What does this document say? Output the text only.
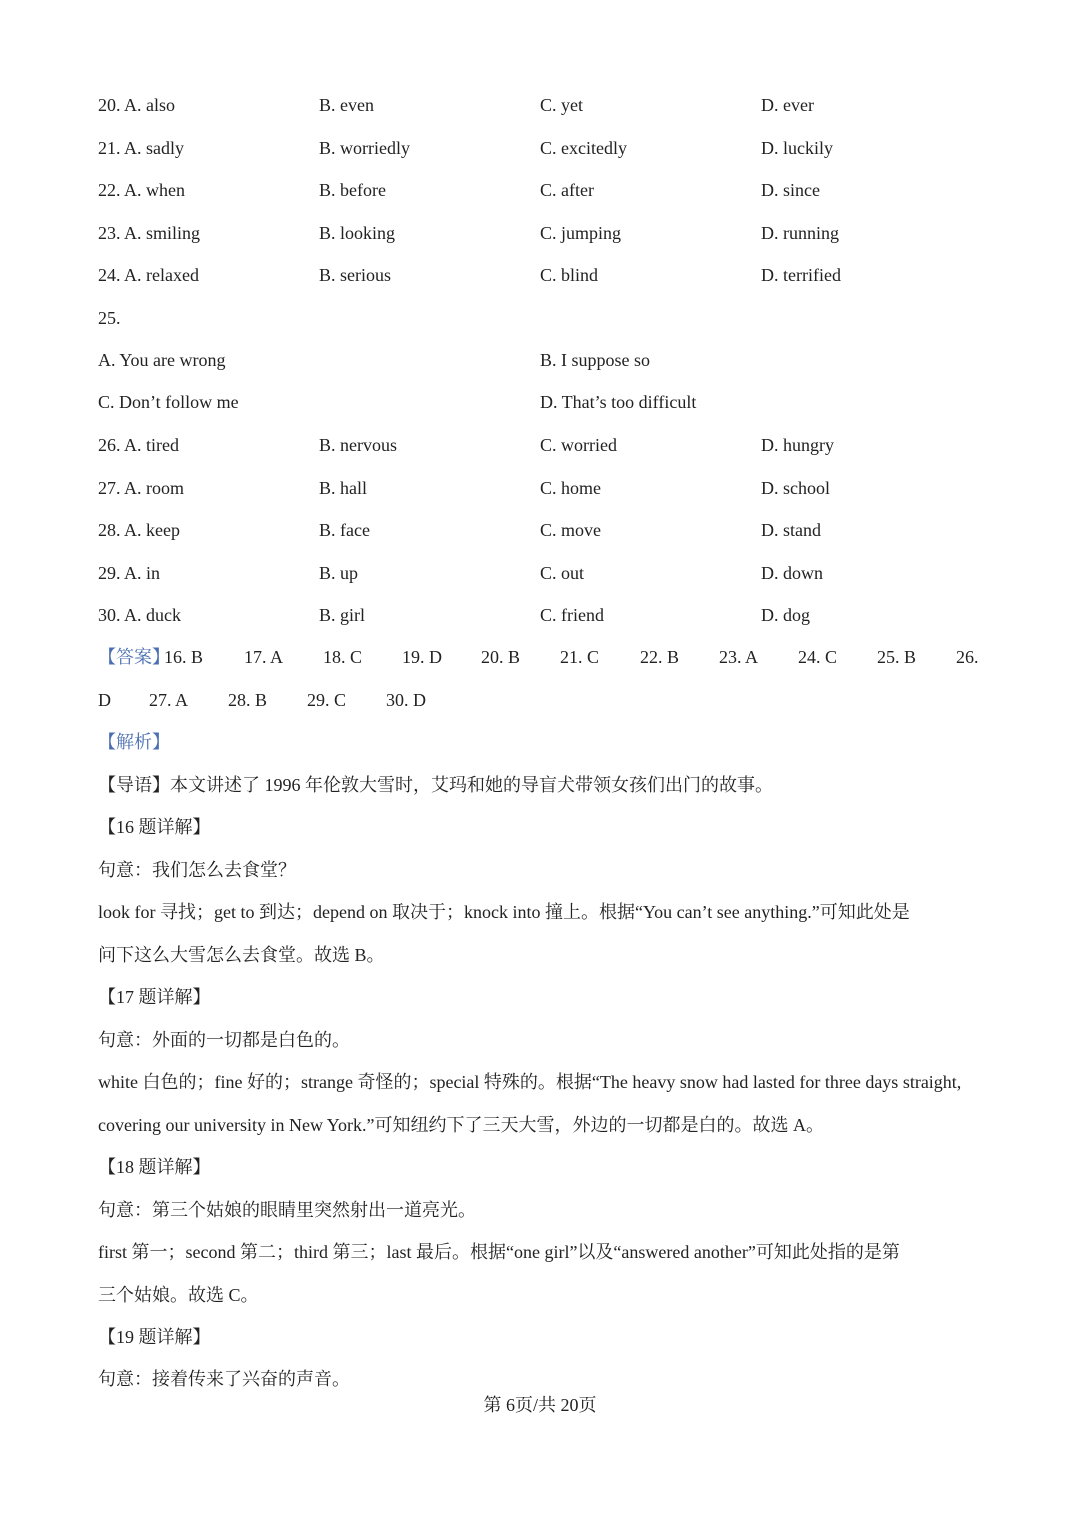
20. A. also	B. even	C. yet	D. ever
21. A. sadly	B. worriedly	C. excitedly	D. luckily
22. A. when	B. before	C. after	D. since
23. A. smiling	B. looking	C. jumping	D. running
24. A. relaxed	B. serious	C. blind	D. terrified
25.
A. You are wrong	B. I suppose so
C. Don’t follow me	D. That’s too difficult
26. A. tired	B. nervous	C. worried	D. hungry
27. A. room	B. hall	C. home	D. school
28. A. keep	B. face	C. move	D. stand
29. A. in	B. up	C. out	D. down
30. A. duck	B. girl	C. friend	D. dog
【答案】
16. B 17. A 18. C 19. D 20. B 21. C 22. B 23. A 24. C 25. B 26.
D 27. A 28. B 29. C 30. D
【解析】
【导语】本文讲述了 1996 年伦敦大雪时，艾玛和她的导盲犬带领女孩们出门的故事。
【16 题详解】
句意：我们怎么去食堂？
look for 寻找；get to 到达；depend on 取决于；knock into 撞上。根据“You can’t see anything.”可知此处是
问下这么大雪怎么去食堂。故选 B。
【17 题详解】
句意：外面的一切都是白色的。
white 白色的；fine 好的；strange 奇怪的；special 特殊的。根据“The heavy snow had lasted for three days straight,
covering our university in New York.”可知纽约下了三天大雪，外边的一切都是白的。故选 A。
【18 题详解】
句意：第三个姑娘的眼睛里突然射出一道亮光。
first 第一；second 第二；third 第三；last 最后。根据“one girl”以及“answered another”可知此处指的是第
三个姑娘。故选 C。
【19 题详解】
句意：接着传来了兴奋的声音。
第 6页/共 20页
